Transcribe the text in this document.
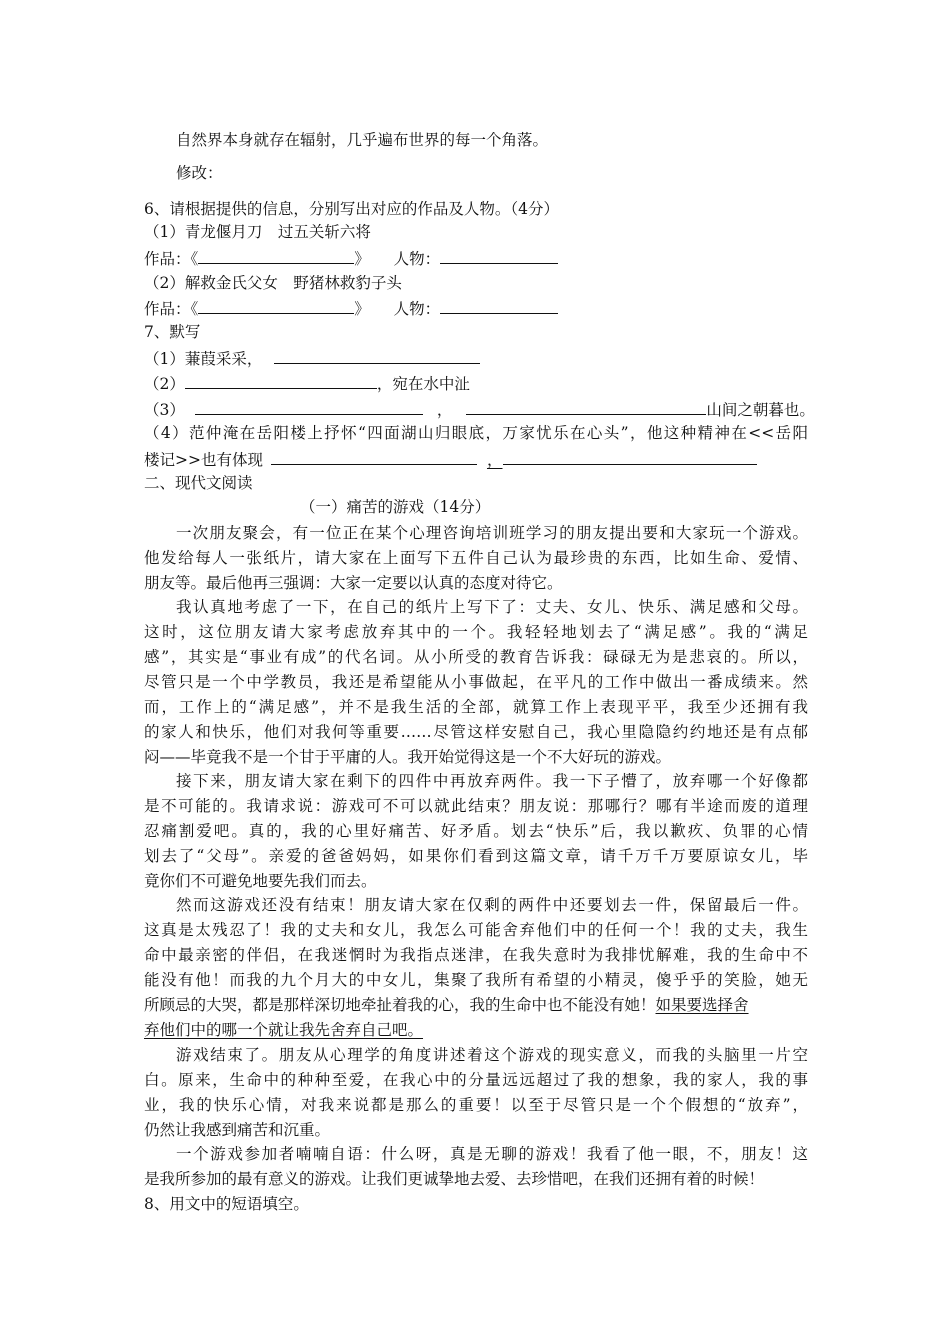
自然界本身就存在辐射，几乎遍布世界的每一个角落。
修改：
6、请根据提供的信息，分别写出对应的作品及人物。（4分）
（1）青龙偃月刀　过五关斩六将
作品：《	》 人物：
（2）解救金氏父女　野猪林救豹子头
作品：《	》 人物：
7、默写
（1）蒹葭采采，
（2）	，宛在水中沚
（3）	，	山间之朝暮也。
（4）范仲淹在岳阳楼上抒怀“四面湖山归眼底，万家忧乐在心头”，他这种精神在<<岳阳
楼记>>也有体现	，
二、现代文阅读
（一）痛苦的游戏（14分）
一次朋友聚会，有一位正在某个心理咨询培训班学习的朋友提出要和大家玩一个游戏。
他发给每人一张纸片，请大家在上面写下五件自己认为最珍贵的东西，比如生命、爱情、
朋友等。最后他再三强调：大家一定要以认真的态度对待它。
我认真地考虑了一下，在自己的纸片上写下了：丈夫、女儿、快乐、满足感和父母。
这时，这位朋友请大家考虑放弃其中的一个。我轻轻地划去了“满足感”。我的“满足
感”，其实是“事业有成”的代名词。从小所受的教育告诉我：碌碌无为是悲哀的。所以，
尽管只是一个中学教员，我还是希望能从小事做起，在平凡的工作中做出一番成绩来。然
而，工作上的“满足感”，并不是我生活的全部，就算工作上表现平平，我至少还拥有我
的家人和快乐，他们对我何等重要……尽管这样安慰自己，我心里隐隐约约地还是有点郁
闷——毕竟我不是一个甘于平庸的人。我开始觉得这是一个不大好玩的游戏。
接下来，朋友请大家在剩下的四件中再放弃两件。我一下子懵了，放弃哪一个好像都
是不可能的。我请求说：游戏可不可以就此结束？朋友说：那哪行？哪有半途而废的道理
忍痛割爱吧。真的，我的心里好痛苦、好矛盾。划去“快乐”后，我以歉疚、负罪的心情
划去了“父母”。亲爱的爸爸妈妈，如果你们看到这篇文章，请千万千万要原谅女儿，毕
竟你们不可避免地要先我们而去。
然而这游戏还没有结束！朋友请大家在仅剩的两件中还要划去一件，保留最后一件。
这真是太残忍了！我的丈夫和女儿，我怎么可能舍弃他们中的任何一个！我的丈夫，我生
命中最亲密的伴侣，在我迷惘时为我指点迷津，在我失意时为我排忧解难，我的生命中不
能没有他！而我的九个月大的中女儿，集聚了我所有希望的小精灵，傻乎乎的笑脸，她无
所顾忌的大哭，都是那样深切地牵扯着我的心，我的生命中也不能没有她！如果要选择舍
弃他们中的哪一个就让我先舍弃自己吧。
游戏结束了。朋友从心理学的角度讲述着这个游戏的现实意义，而我的头脑里一片空
白。原来，生命中的种种至爱，在我心中的分量远远超过了我的想象，我的家人，我的事
业，我的快乐心情，对我来说都是那么的重要！以至于尽管只是一个个假想的“放弃”，
仍然让我感到痛苦和沉重。
一个游戏参加者喃喃自语：什么呀，真是无聊的游戏！我看了他一眼，不，朋友！这
是我所参加的最有意义的游戏。让我们更诚挚地去爱、去珍惜吧，在我们还拥有着的时候！
8、用文中的短语填空。
